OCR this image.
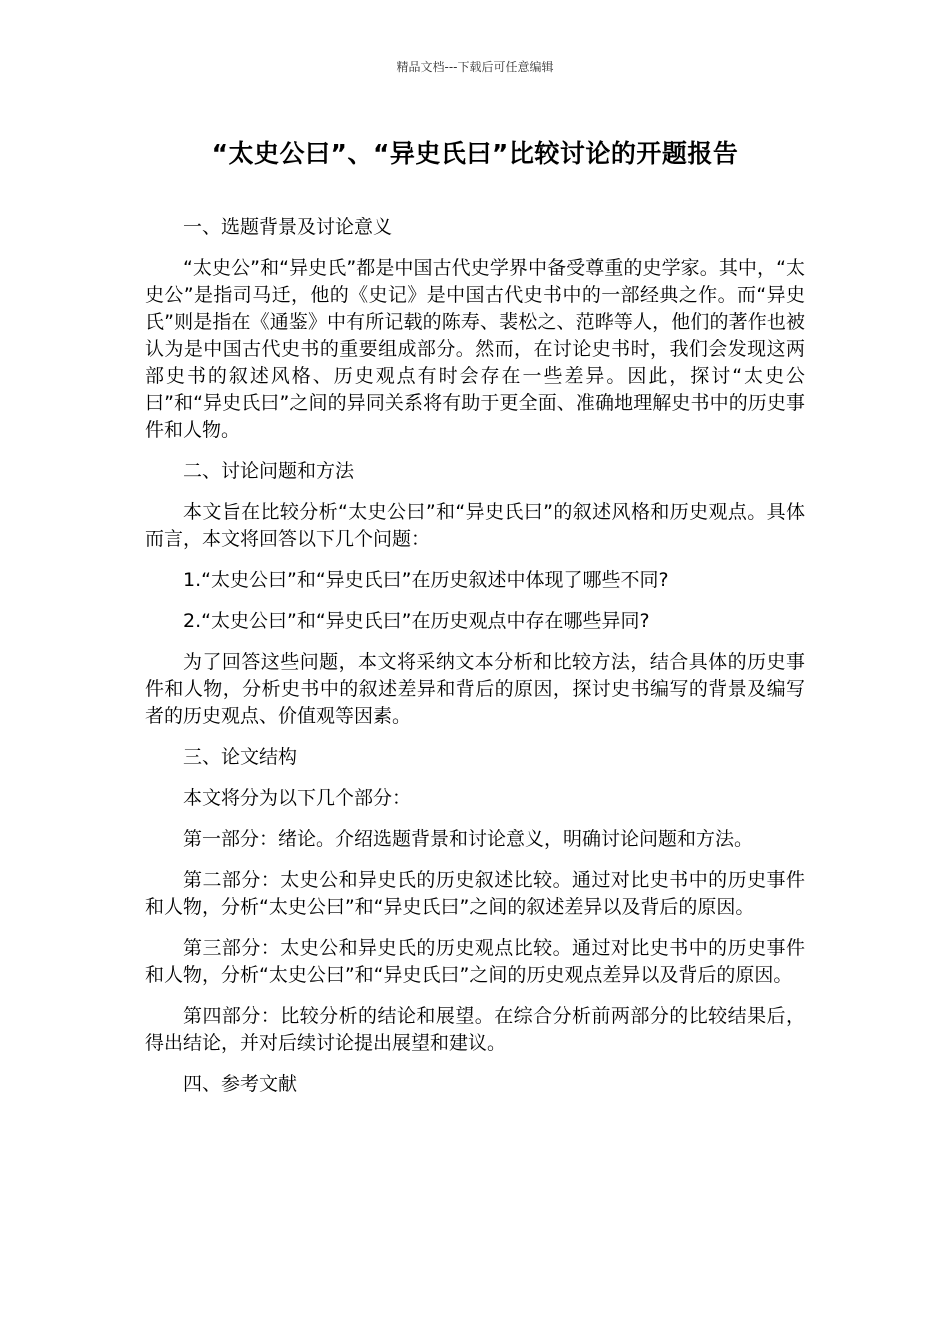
精品文档---下载后可任意编辑
“太史公曰”、“异史氏曰”比较讨论的开题报告

一、选题背景及讨论意义

“太史公”和“异史氏”都是中国古代史学界中备受尊重的史学家。其中，“太史公”是指司马迁，他的《史记》是中国古代史书中的一部经典之作。而“异史氏”则是指在《通鉴》中有所记载的陈寿、裴松之、范晔等人，他们的著作也被认为是中国古代史书的重要组成部分。然而，在讨论史书时，我们会发现这两部史书的叙述风格、历史观点有时会存在一些差异。因此，探讨“太史公曰”和“异史氏曰”之间的异同关系将有助于更全面、准确地理解史书中的历史事件和人物。

二、讨论问题和方法

本文旨在比较分析“太史公曰”和“异史氏曰”的叙述风格和历史观点。具体而言，本文将回答以下几个问题：

1.“太史公曰”和“异史氏曰”在历史叙述中体现了哪些不同?

2.“太史公曰”和“异史氏曰”在历史观点中存在哪些异同?

为了回答这些问题，本文将采纳文本分析和比较方法，结合具体的历史事件和人物，分析史书中的叙述差异和背后的原因，探讨史书编写的背景及编写者的历史观点、价值观等因素。

三、论文结构

本文将分为以下几个部分：

第一部分：绪论。介绍选题背景和讨论意义，明确讨论问题和方法。

第二部分：太史公和异史氏的历史叙述比较。通过对比史书中的历史事件和人物，分析“太史公曰”和“异史氏曰”之间的叙述差异以及背后的原因。

第三部分：太史公和异史氏的历史观点比较。通过对比史书中的历史事件和人物，分析“太史公曰”和“异史氏曰”之间的历史观点差异以及背后的原因。

第四部分：比较分析的结论和展望。在综合分析前两部分的比较结果后，得出结论，并对后续讨论提出展望和建议。

四、参考文献
